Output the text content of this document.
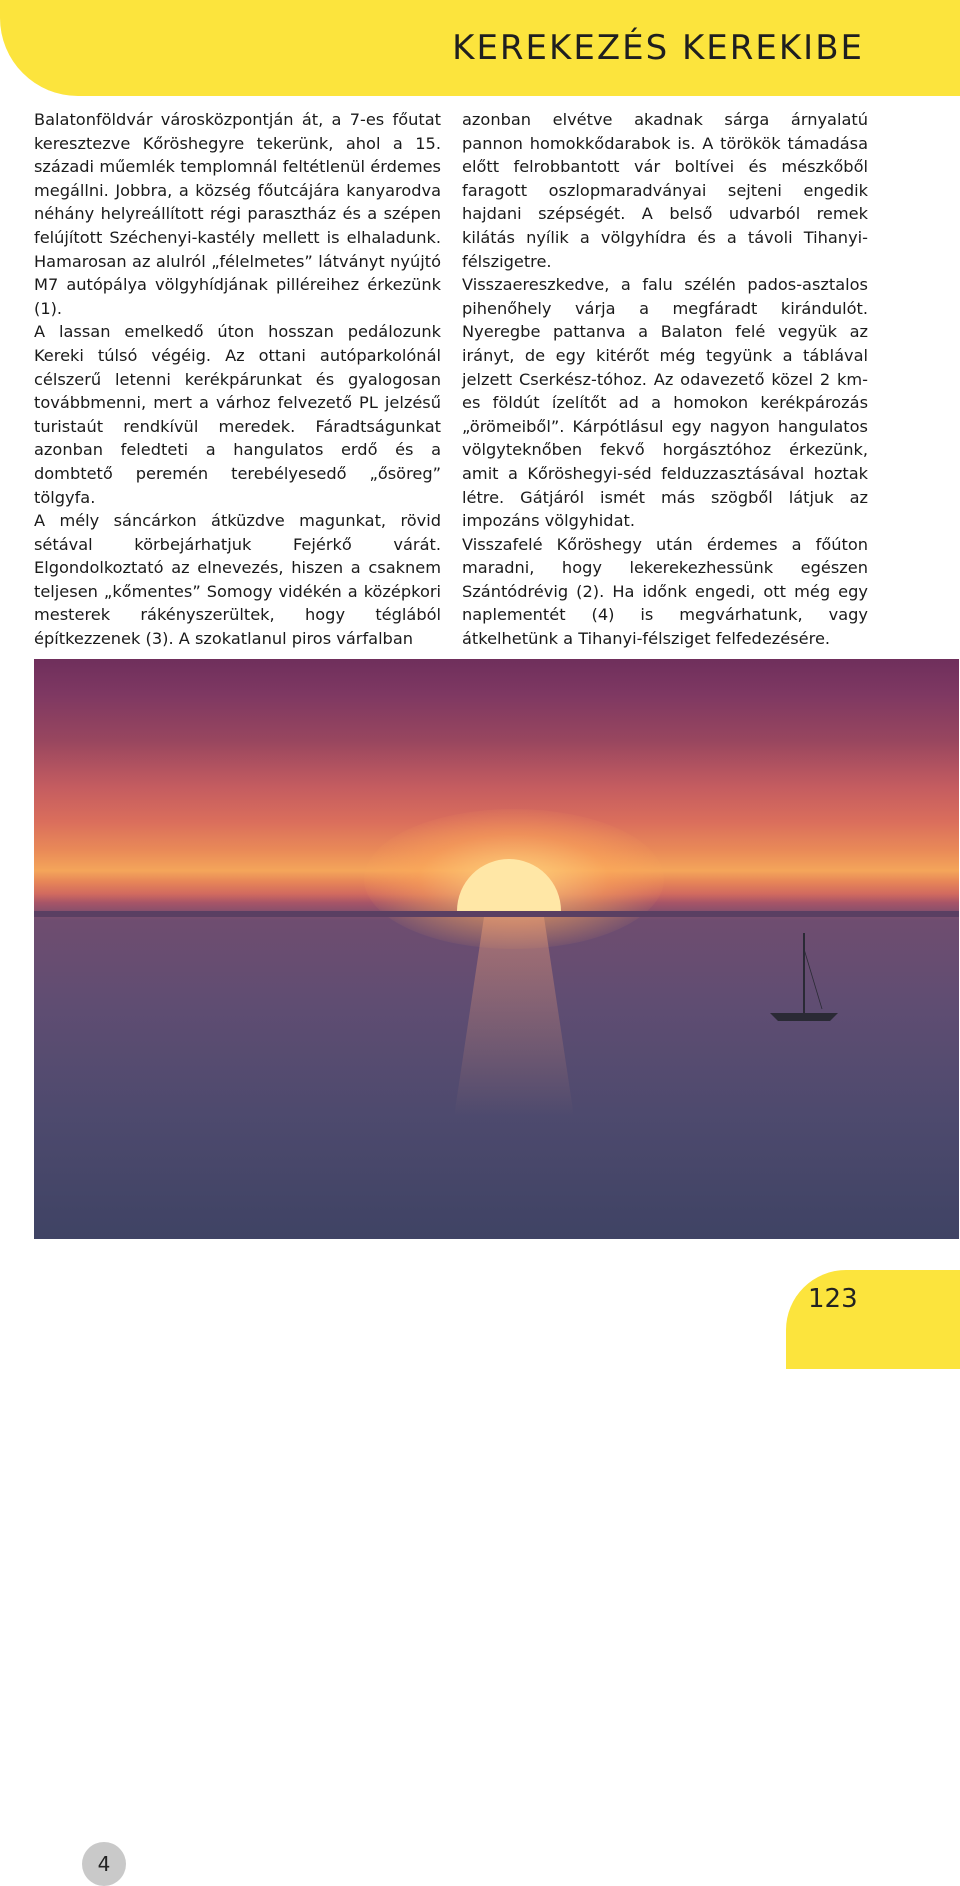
KEREKEZÉS KEREKIBE

Balatonföldvár városközpontján át, a 7-es főutat keresztezve Kőröshegyre tekerünk, ahol a 15. századi műemlék templomnál feltétlenül érdemes megállni. Jobbra, a község főutcájára kanyarodva néhány helyreállított régi parasztház és a szépen felújított Széchenyi-kastély mellett is elhaladunk. Hamarosan az alulról „félelmetes” látványt nyújtó M7 autópálya völgyhídjának pilléreihez érkezünk (1).

A lassan emelkedő úton hosszan pedálozunk Kereki túlsó végéig. Az ottani autóparkolónál célszerű letenni kerékpárunkat és gyalogosan továbbmenni, mert a várhoz felvezető PL jelzésű turistaút rendkívül meredek. Fáradtságunkat azonban feledteti a hangulatos erdő és a dombtető peremén terebélyesedő „ősöreg” tölgyfa.

A mély sáncárkon átküzdve magunkat, rövid sétával körbejárhatjuk Fejérkő várát. Elgondolkoztató az elnevezés, hiszen a csaknem teljesen „kőmentes” Somogy vidékén a középkori mesterek rákényszerültek, hogy téglából építkezzenek (3). A szokatlanul piros várfalban

azonban elvétve akadnak sárga árnyalatú pannon homokkődarabok is. A törökök támadása előtt felrobbantott vár boltívei és mészkőből faragott oszlopmaradványai sejteni engedik hajdani szépségét. A belső udvarból remek kilátás nyílik a völgyhídra és a távoli Tihanyi-félszigetre.

Visszaereszkedve, a falu szélén pados-asztalos pihenőhely várja a megfáradt kirándulót. Nyeregbe pattanva a Balaton felé vegyük az irányt, de egy kitérőt még tegyünk a táblával jelzett Cserkész-tóhoz. Az odavezető közel 2 km-es földút ízelítőt ad a homokon kerékpározás „örömeiből”. Kárpótlásul egy nagyon hangulatos völgyteknőben fekvő horgásztóhoz érkezünk, amit a Kőröshegyi-séd felduzzasztásával hoztak létre. Gátjáról ismét más szögből látjuk az impozáns völgyhidat.

Visszafelé Kőröshegy után érdemes a főúton maradni, hogy lekerekezhessünk egészen Szántódrévig (2). Ha időnk engedi, ott még egy naplementét (4) is megvárhatunk, vagy átkelhetünk a Tihanyi-félsziget felfedezésére.

4
123
